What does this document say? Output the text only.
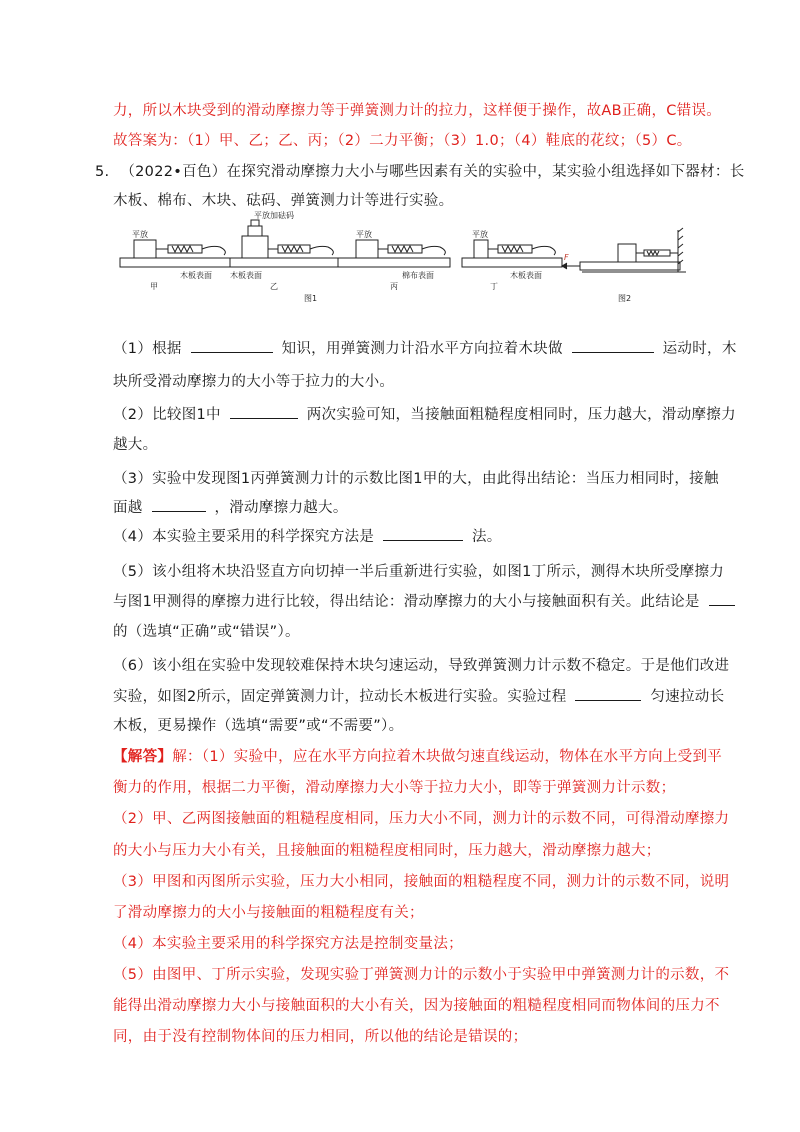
力，所以木块受到的滑动摩擦力等于弹簧测力计的拉力，这样便于操作，故AB正确，C错误。
故答案为：（1）甲、乙；乙、丙；（2）二力平衡；（3）1.0；（4）鞋底的花纹；（5）C。
5. （2022•百色）在探究滑动摩擦力大小与哪些因素有关的实验中，某实验小组选择如下器材：长
木板、棉布、木块、砝码、弹簧测力计等进行实验。
平放
平放加砝码
平放	平放
木板表面 木板表面	棉布表面	木板表面
F
甲	乙	丙	丁
图1	图2
（1）根据	知识，用弹簧测力计沿水平方向拉着木块做	运动时，木
块所受滑动摩擦力的大小等于拉力的大小。
（2）比较图1中	两次实验可知，当接触面粗糙程度相同时，压力越大，滑动摩擦力
越大。
（3）实验中发现图1丙弹簧测力计的示数比图1甲的大，由此得出结论：当压力相同时，接触
面越	，滑动摩擦力越大。
（4）本实验主要采用的科学探究方法是	法。
（5）该小组将木块沿竖直方向切掉一半后重新进行实验，如图1丁所示，测得木块所受摩擦力
与图1甲测得的摩擦力进行比较，得出结论：滑动摩擦力的大小与接触面积有关。此结论是
的（选填“正确”或“错误”）。
（6）该小组在实验中发现较难保持木块匀速运动，导致弹簧测力计示数不稳定。于是他们改进
实验，如图2所示，固定弹簧测力计，拉动长木板进行实验。实验过程	匀速拉动长
木板，更易操作（选填“需要”或“不需要”）。
【解答】解：（1）实验中，应在水平方向拉着木块做匀速直线运动，物体在水平方向上受到平
衡力的作用，根据二力平衡，滑动摩擦力大小等于拉力大小，即等于弹簧测力计示数；
（2）甲、乙两图接触面的粗糙程度相同，压力大小不同，测力计的示数不同，可得滑动摩擦力
的大小与压力大小有关，且接触面的粗糙程度相同时，压力越大，滑动摩擦力越大；
（3）甲图和丙图所示实验，压力大小相同，接触面的粗糙程度不同，测力计的示数不同，说明
了滑动摩擦力的大小与接触面的粗糙程度有关；
（4）本实验主要采用的科学探究方法是控制变量法；
（5）由图甲、丁所示实验，发现实验丁弹簧测力计的示数小于实验甲中弹簧测力计的示数，不
能得出滑动摩擦力大小与接触面积的大小有关，因为接触面的粗糙程度相同而物体间的压力不
同，由于没有控制物体间的压力相同，所以他的结论是错误的；
